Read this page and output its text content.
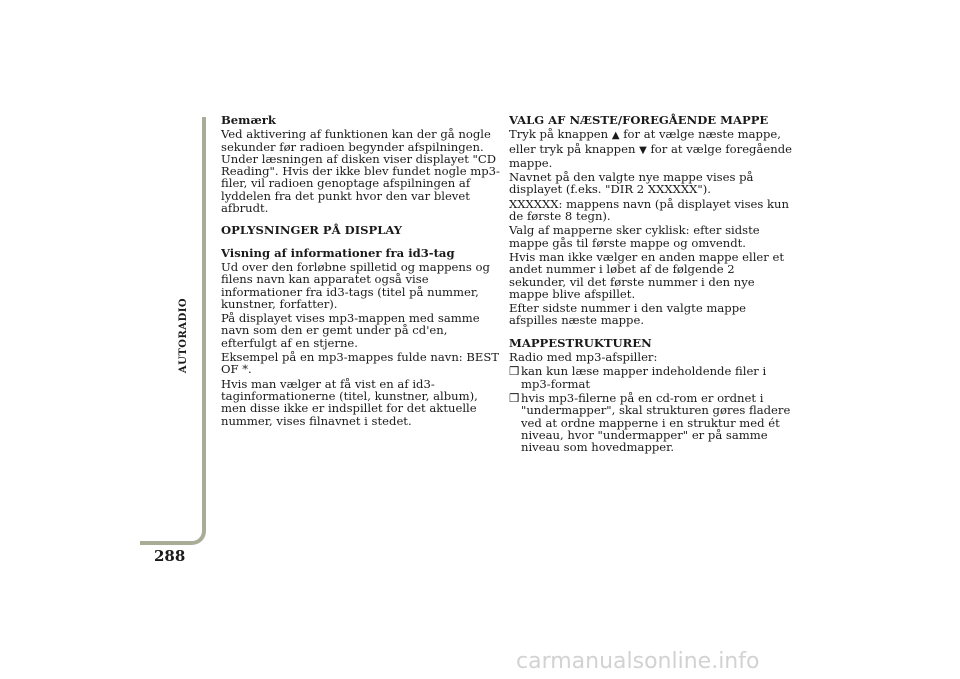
AUTORADIO
288
Bemærk

Ved aktivering af funktionen kan der gå nogle sekunder før radioen begynder afspilningen. Under læsningen af disken viser displayet "CD Reading". Hvis der ikke blev fundet nogle mp3-filer, vil radioen genoptage afspilningen af lyddelen fra det punkt hvor den var blevet afbrudt.

OPLYSNINGER PÅ DISPLAY
Visning af informationer fra id3-tag

Ud over den forløbne spilletid og mappens og filens navn kan apparatet også vise informationer fra id3-tags (titel på nummer, kunstner, forfatter).

På displayet vises mp3-mappen med samme navn som den er gemt under på cd'en, efterfulgt af en stjerne.

Eksempel på en mp3-mappes fulde navn: BEST OF *.

Hvis man vælger at få vist en af id3-taginformationerne (titel, kunstner, album), men disse ikke er indspillet for det aktuelle nummer, vises filnavnet i stedet.

VALG AF NÆSTE/FOREGÅENDE MAPPE

Tryk på knappen ▲ for at vælge næste mappe, eller tryk på knappen ▼ for at vælge foregående mappe.

Navnet på den valgte nye mappe vises på displayet (f.eks. "DIR 2 XXXXXX").

XXXXXX: mappens navn (på displayet vises kun de første 8 tegn).

Valg af mapperne sker cyklisk: efter sidste mappe gås til første mappe og omvendt.

Hvis man ikke vælger en anden mappe eller et andet nummer i løbet af de følgende 2 sekunder, vil det første nummer i den nye mappe blive afspillet.

Efter sidste nummer i den valgte mappe afspilles næste mappe.

MAPPESTRUKTUREN

Radio med mp3-afspiller:

❒ kan kun læse mapper indeholdende filer i mp3-format
❒ hvis mp3-filerne på en cd-rom er ordnet i "undermapper", skal strukturen gøres fladere ved at ordne mapperne i en struktur med ét niveau, hvor "undermapper" er på samme niveau som hovedmapper.
carmanualsonline.info
